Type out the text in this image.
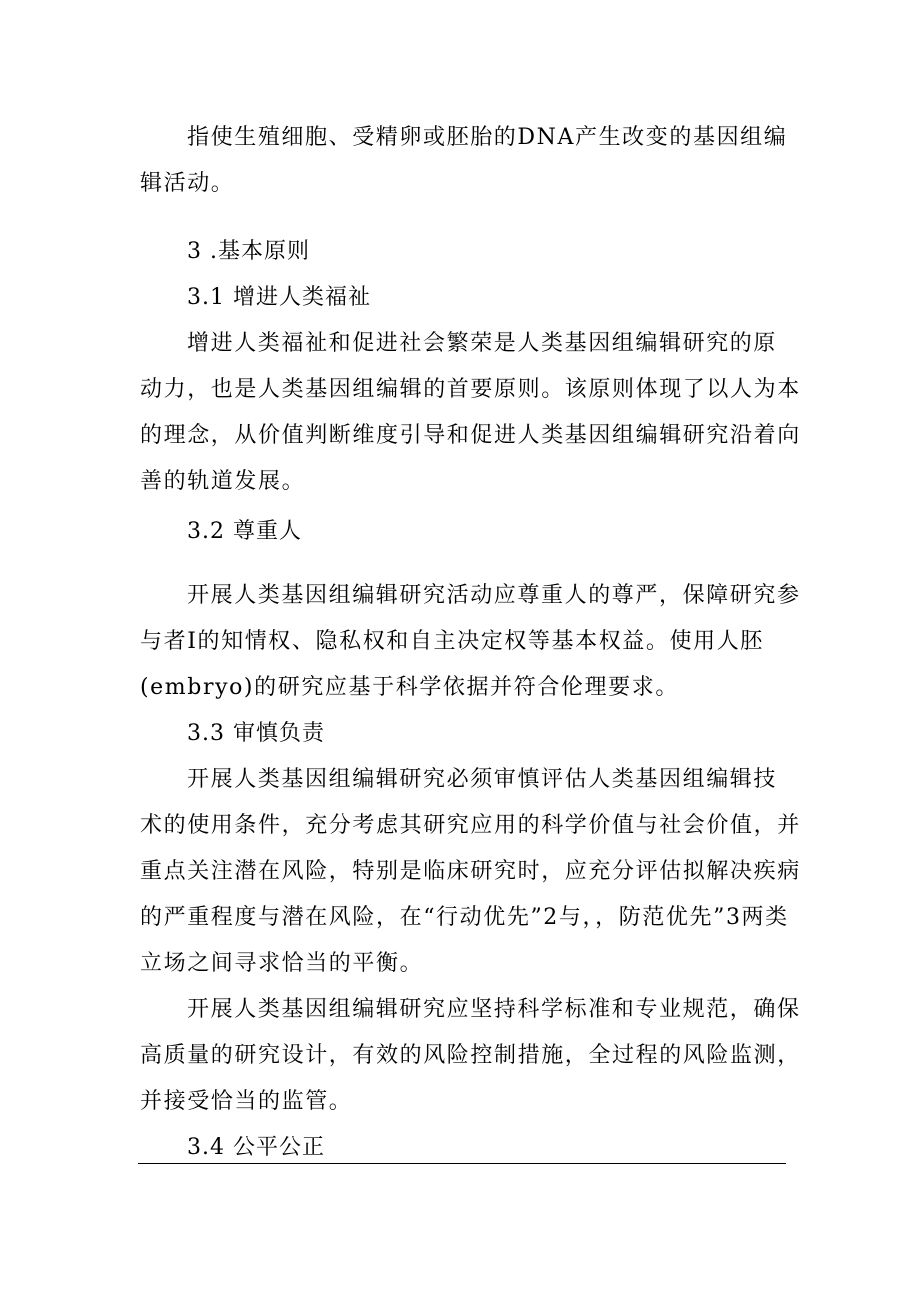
指使生殖细胞、受精卵或胚胎的DNA产生改变的基因组编
辑活动。
3 .基本原则
3.1 增进人类福祉
增进人类福祉和促进社会繁荣是人类基因组编辑研究的原
动力，也是人类基因组编辑的首要原则。该原则体现了以人为本
的理念，从价值判断维度引导和促进人类基因组编辑研究沿着向
善的轨道发展。
3.2 尊重人
开展人类基因组编辑研究活动应尊重人的尊严，保障研究参
与者I的知情权、隐私权和自主决定权等基本权益。使用人胚
(embryo)的研究应基于科学依据并符合伦理要求。
3.3 审慎负责
开展人类基因组编辑研究必须审慎评估人类基因组编辑技
术的使用条件，充分考虑其研究应用的科学价值与社会价值，并
重点关注潜在风险，特别是临床研究时，应充分评估拟解决疾病
的严重程度与潜在风险，在“行动优先”2与，，防范优先”3两类
立场之间寻求恰当的平衡。
开展人类基因组编辑研究应坚持科学标准和专业规范，确保
高质量的研究设计，有效的风险控制措施，全过程的风险监测，
并接受恰当的监管。
3.4 公平公正
